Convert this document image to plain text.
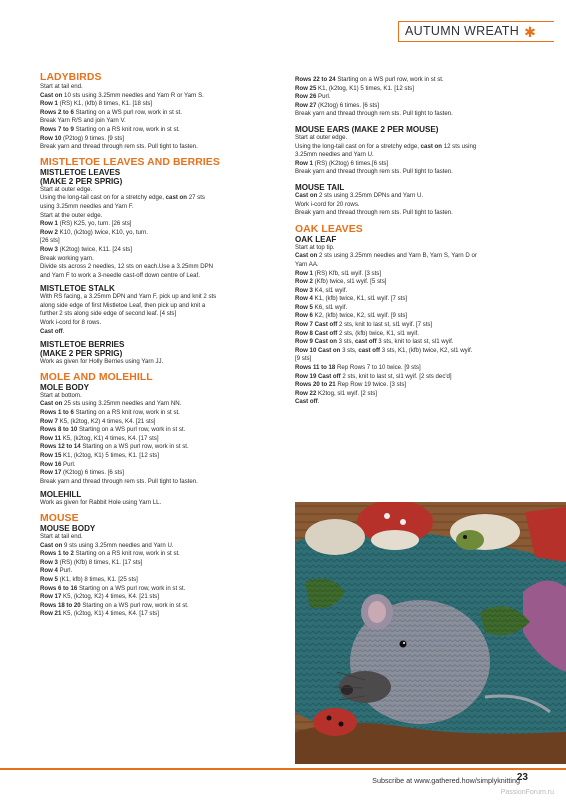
AUTUMN WREATH ✱
LADYBIRDS
Start at tail end.
Cast on 10 sts using 3.25mm needles and Yarn R or Yarn S.
Row 1 (RS) K1, (kfb) 8 times, K1. [18 sts]
Rows 2 to 6 Starting on a WS purl row, work in st st.
Break Yarn R/S and join Yarn V.
Rows 7 to 9 Starting on a RS knit row, work in st st.
Row 10 (P2tog) 9 times. [9 sts]
Break yarn and thread through rem sts. Pull tight to fasten.
MISTLETOE LEAVES AND BERRIES
MISTLETOE LEAVES
(MAKE 2 PER SPRIG)
Start at outer edge.
Using the long-tail cast on for a stretchy edge, cast on 27 sts
using 3.25mm needles and Yarn F.
Start at the outer edge.
Row 1 (RS) K25, yo, turn. [26 sts]
Row 2 K10, (k2tog) twice, K10, yo, turn.
[26 sts]
Row 3 (K2tog) twice, K11. [24 sts]
Break working yarn.
Divide sts across 2 needles, 12 sts on each.Use a 3.25mm DPN
and Yarn F to work a 3-needle cast-off down centre of Leaf.
MISTLETOE STALK
With RS facing, a 3.25mm DPN and Yarn F, pick up and knit 2 sts
along side edge of first Mistletoe Leaf, then pick up and knit a
further 2 sts along side edge of second leaf. [4 sts]
Work i-cord for 8 rows.
Cast off.
MISTLETOE BERRIES
(MAKE 2 PER SPRIG)
Work as given for Holly Berries using Yarn JJ.
MOLE AND MOLEHILL
MOLE BODY
Start at bottom.
Cast on 25 sts using 3.25mm needles and Yarn NN.
Rows 1 to 6 Starting on a RS knit row, work in st st.
Row 7 K5, (k2tog, K2) 4 times, K4. [21 sts]
Rows 8 to 10 Starting on a WS purl row, work in st st.
Row 11 K5, (k2tog, K1) 4 times, K4. [17 sts]
Rows 12 to 14 Starting on a WS purl row, work in st st.
Row 15 K1, (k2tog, K1) 5 times, K1. [12 sts]
Row 16 Purl.
Row 17 (K2tog) 6 times. [6 sts]
Break yarn and thread through rem sts. Pull tight to fasten.
MOLEHILL
Work as given for Rabbit Hole using Yarn LL.
MOUSE
MOUSE BODY
Start at tail end.
Cast on 9 sts using 3.25mm needles and Yarn U.
Rows 1 to 2 Starting on a RS knit row, work in st st.
Row 3 (RS) (Kfb) 8 times, K1. [17 sts]
Row 4 Purl.
Row 5 (K1, kfb) 8 times, K1. [25 sts]
Rows 6 to 16 Starting on a WS purl row, work in st st.
Row 17 K5, (k2tog, K2) 4 times, K4. [21 sts]
Rows 18 to 20 Starting on a WS purl row, work in st st.
Row 21 K5, (k2tog, K1) 4 times, K4. [17 sts]
Rows 22 to 24 Starting on a WS purl row, work in st st.
Row 25 K1, (k2tog, K1) 5 times, K1. [12 sts]
Row 26 Purl.
Row 27 (K2tog) 6 times. [6 sts]
Break yarn and thread through rem sts. Pull tight to fasten.
MOUSE EARS (MAKE 2 PER MOUSE)
Start at outer edge.
Using the long-tail cast on for a stretchy edge, cast on 12 sts using
3.25mm needles and Yarn U.
Row 1 (RS) (K2tog) 6 times.[6 sts]
Break yarn and thread through rem sts. Pull tight to fasten.
MOUSE TAIL
Cast on 2 sts using 3.25mm DPNs and Yarn U.
Work i-cord for 20 rows.
Break yarn and thread through rem sts. Pull tight to fasten.
OAK LEAVES
OAK LEAF
Start at top tip.
Cast on 2 sts using 3.25mm needles and Yarn B, Yarn S, Yarn D or
Yarn AA.
Row 1 (RS) Kfb, sl1 wyif. [3 sts]
Row 2 (Kfb) twice, sl1 wyif. [5 sts]
Row 3 K4, sl1 wyif.
Row 4 K1, (kfb) twice, K1, sl1 wyif. [7 sts]
Row 5 K6, sl1 wyif.
Row 6 K2, (kfb) twice, K2, sl1 wyif. [9 sts]
Row 7 Cast off 2 sts, knit to last st, sl1 wyif. [7 sts]
Row 8 Cast off 2 sts, (kfb) twice, K1, sl1 wyif.
Row 9 Cast on 3 sts, cast off 3 sts, knit to last st, sl1 wyif.
Row 10 Cast on 3 sts, cast off 3 sts, K1, (kfb) twice, K2, sl1 wyif.
[9 sts]
Rows 11 to 18 Rep Rows 7 to 10 twice. [9 sts]
Row 19 Cast off 2 sts, knit to last st, sl1 wyif. [2 sts dec'd]
Rows 20 to 21 Rep Row 19 twice. [3 sts]
Row 22 K2tog, sl1 wyif. [2 sts]
Cast off.
Subscribe at www.gathered.how/simplyknitting
23
PassionForum.ru
